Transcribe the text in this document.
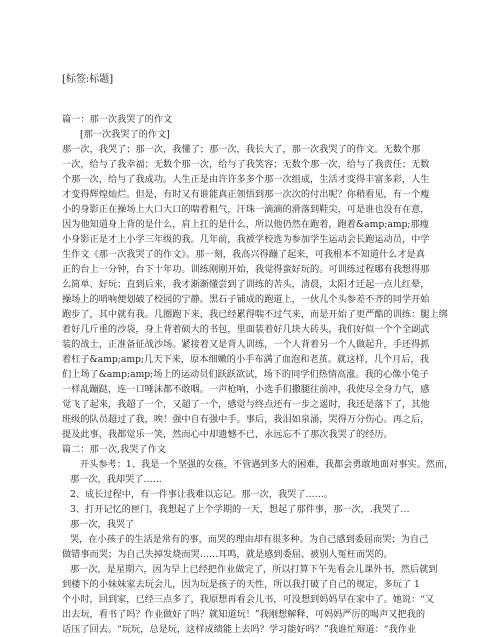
[标签:标题]
篇一：那一次我哭了的作文
[那一次我哭了的作文]
那一次，我哭了；那一次，我懂了；那一次，我长大了，那一次我哭了的作文。无数个那
一次，给与了我幸福；无数个那一次，给与了我笑容；无数个那一次，给与了我责任；无数
个那一次，给与了我成功。人生正是由许许多多个那一次组成，生活才变得丰富多彩，人生
才变得辉煌灿烂。但是，有时又有谁能真正领悟到那一次次的付出呢？你稍看见，有一个瘦
小的身影正在操场上大口大口的喘着粗气，汗珠一滴滴的滑落到鞋尖，可是谁也没有在意，
因为他知道身上背的是什么，肩上扛的是什么，所以他仍然在跑着，跑着&amp;amp;那瘦
小身影正是才上小学三年级的我。几年前，我被学校选为参加学生运动会长跑运动员，中学
生作文《那一次我哭了的作文》。那一刻，我高兴得蹦了起来，可我根本不知道什么才是真
正的台上一分钟，台下十年功。训练刚刚开始，我觉得蛮好玩的。可训练过程哪有我想得那
么简单、好玩；直到后来，我才渐渐懂尝到了训练的苦头，清晨，太阳才迁起一点儿红晕，
操场上的哨响便划破了校园的宁静。黑石子铺成的跑道上，一伙儿个头参差不齐的同学开始
跑步了，其中就有我。几圈跑下来，我已经累得喘不过气来，而是开始了更严酷的训练：腿上绑
着好几斤重的沙袋，身上背着硕大的书包，里面装着好几块大砖头，我们好似一个个全副武
装的战士，正准备征战沙场。紧接着又是背人训练，一个人背着另一个人做起升，手还得抓
着杠子&amp;amp;几天下来，原本细嫩的小手布满了血泡和老茧。就这样，几个月后，我
们上场了&amp;amp;场上的运动员们跃跃欲试，场下的同学们热情高涨。我的心像小兔子
一样乱蹦跶，连一口唾沫都不敢咽。一声枪响，小选手们撒腿往前冲，我使尽全身力气，感
觉飞了起来，我超了一个，又超了一个，感觉与终点还有一步之遥时，我还是落下了，其他
班级的队员超过了我，唉！强中自有强中手。事后，我泪如泉涌，哭得万分伤心。再之后，
提及此事，我都觉乐一笑，然而心中却遗憾不已，永远忘不了那次我哭了的经历。
篇二：那一次,我哭了作文
开头参考：1、我是一个坚强的女孩，不管遇到多大的困难，我都会勇敢地面对事实。然而，
那一次，我却哭了……
2、成长过程中，有一件事让我难以忘记。那一次，我哭了……。
3、打开记忆的匣门，我想起了上个学期的一天，想起了那件事，那一次，.我哭了…
那一次，我哭了
哭，在小孩子的生活是常有的事，而哭的理由却有很多种。为自己感到委屈而哭；为自己
做错事而哭；为自己失掉发烧而哭……耳鸣，就是感到委屈、被别人冤枉而哭的。
那一次，是星期六，因为早上已经把作业做完了，所以打算下午先看会儿课外书，然后就到
到楼下的小妹妹家去玩会儿，因为玩是孩子的天性，所以我打破了自己的规定，多玩了 1
个小时，回到家，已经三点多了，我原想再看会儿书，可没想到妈妈早在家中了。她说：“又
出去玩，看书了吗？作业做好了吗？就知道玩！”我刚想解释，可妈妈严厉的喝声又把我的
话压了回去。“玩玩，总是玩，这样成绩能上去吗？学习能好吗？”我谁忙辩道：“我作业
